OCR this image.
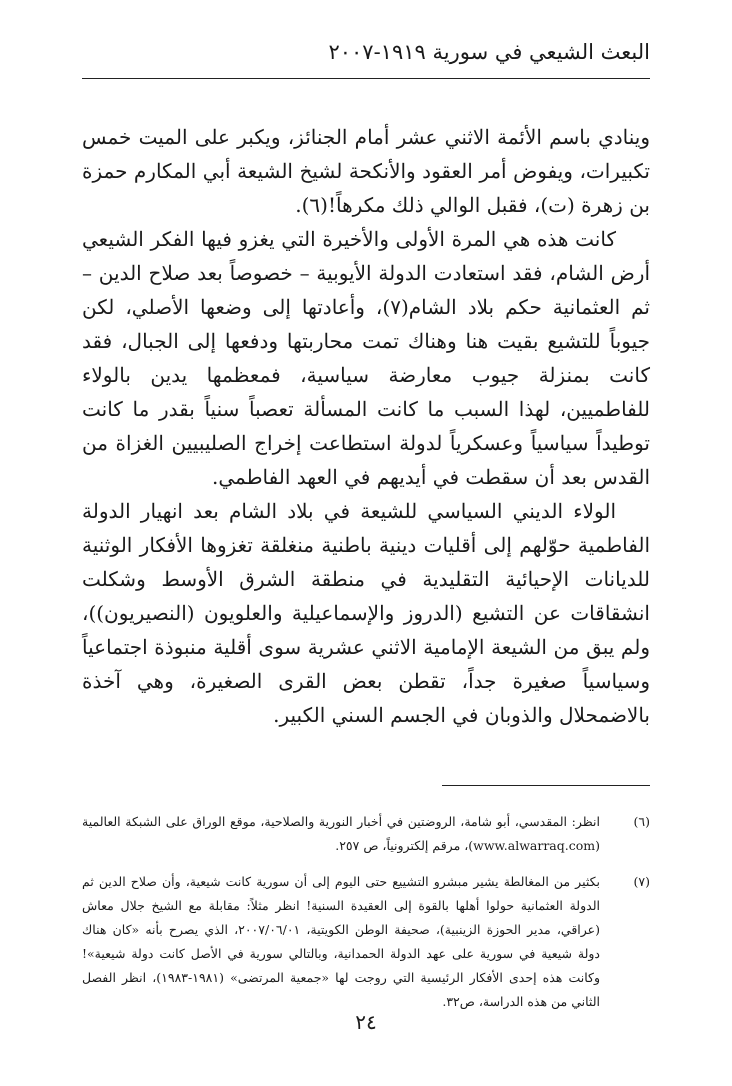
البعث الشيعي في سورية ١٩١٩-٢٠٠٧

وينادي باسم الأئمة الاثني عشر أمام الجنائز، ويكبر على الميت خمس تكبيرات، ويفوض أمر العقود والأنكحة لشيخ الشيعة أبي المكارم حمزة بن زهرة (ت)، فقبل الوالي ذلك مكرهاً!(٦).

كانت هذه هي المرة الأولى والأخيرة التي يغزو فيها الفكر الشيعي أرض الشام، فقد استعادت الدولة الأيوبية – خصوصاً بعد صلاح الدين – ثم العثمانية حكم بلاد الشام(٧)، وأعادتها إلى وضعها الأصلي، لكن جيوباً للتشيع بقيت هنا وهناك تمت محاربتها ودفعها إلى الجبال، فقد كانت بمنزلة جيوب معارضة سياسية، فمعظمها يدين بالولاء للفاطميين، لهذا السبب ما كانت المسألة تعصباً سنياً بقدر ما كانت توطيداً سياسياً وعسكرياً لدولة استطاعت إخراج الصليبيين الغزاة من القدس بعد أن سقطت في أيديهم في العهد الفاطمي.

الولاء الديني السياسي للشيعة في بلاد الشام بعد انهيار الدولة الفاطمية حوّلهم إلى أقليات دينية باطنية منغلقة تغزوها الأفكار الوثنية للديانات الإحيائية التقليدية في منطقة الشرق الأوسط وشكلت انشقاقات عن التشيع (الدروز والإسماعيلية والعلويون (النصيريون))، ولم يبق من الشيعة الإمامية الاثني عشرية سوى أقلية منبوذة اجتماعياً وسياسياً صغيرة جداً، تقطن بعض القرى الصغيرة، وهي آخذة بالاضمحلال والذوبان في الجسم السني الكبير.

(٦)
انظر: المقدسي، أبو شامة، الروضتين في أخبار النورية والصلاحية، موقع الوراق على الشبكة العالمية (www.alwarraq.com)، مرقم إلكترونياً، ص ٢٥٧.
(٧)
بكثير من المغالطة يشير مبشرو التشييع حتى اليوم إلى أن سورية كانت شيعية، وأن صلاح الدين ثم الدولة العثمانية حولوا أهلها بالقوة إلى العقيدة السنية! انظر مثلاً: مقابلة مع الشيخ جلال معاش (عراقي، مدير الحوزة الزينبية)، صحيفة الوطن الكويتية، ٢٠٠٧/٠٦/٠١، الذي يصرح بأنه «كان هناك دولة شيعية في سورية على عهد الدولة الحمدانية، وبالتالي سورية في الأصل كانت دولة شيعية»! وكانت هذه إحدى الأفكار الرئيسية التي روجت لها «جمعية المرتضى» (١٩٨١-١٩٨٣)، انظر الفصل الثاني من هذه الدراسة، ص٣٢.
٢٤
